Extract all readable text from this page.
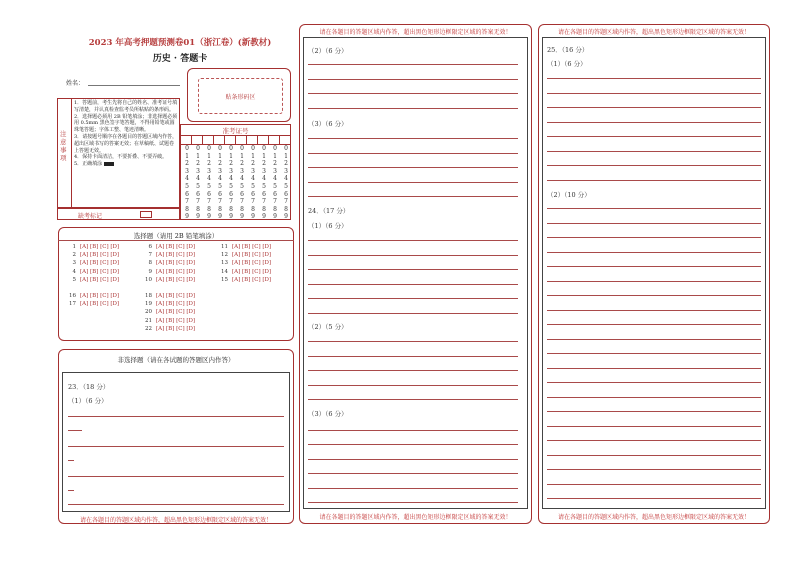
2023 年高考押题预测卷01（浙江卷）(新教材)
历史 · 答题卡
姓名：
贴条形码区
注意事项
1．答题前，考生先将自己的姓名、准考证号填写清楚，并认真检查监考员所粘贴的条形码。
2．选择题必须用 2B 铅笔填涂；非选择题必须用 0.5mm 黑色签字笔答题，不得用铅笔或圆珠笔答题；字体工整、笔迹清晰。
3．请按题号顺序在各题目的答题区域内作答，超出区域书写的答案无效；在草稿纸、试题卷上答题无效。
4．保持卡面清洁，不要折叠、不要弄破。
5．正确填涂
准考证号
0
1
2
3
4
5
6
7
8
9
0
1
2
3
4
5
6
7
8
9
0
1
2
3
4
5
6
7
8
9
0
1
2
3
4
5
6
7
8
9
0
1
2
3
4
5
6
7
8
9
0
1
2
3
4
5
6
7
8
9
0
1
2
3
4
5
6
7
8
9
0
1
2
3
4
5
6
7
8
9
0
1
2
3
4
5
6
7
8
9
0
1
2
3
4
5
6
7
8
9
缺考标记
选择题（请用 2B 铅笔填涂）
1 [A] [B] [C] [D]
2 [A] [B] [C] [D]
3 [A] [B] [C] [D]
4 [A] [B] [C] [D]
5 [A] [B] [C] [D]
6 [A] [B] [C] [D]
7 [A] [B] [C] [D]
8 [A] [B] [C] [D]
9 [A] [B] [C] [D]
10 [A] [B] [C] [D]
11 [A] [B] [C] [D]
12 [A] [B] [C] [D]
13 [A] [B] [C] [D]
14 [A] [B] [C] [D]
15 [A] [B] [C] [D]
16 [A] [B] [C] [D]
17 [A] [B] [C] [D]
18 [A] [B] [C] [D]
19 [A] [B] [C] [D]
20 [A] [B] [C] [D]
21 [A] [B] [C] [D]
22 [A] [B] [C] [D]
非选择题（请在各试题的答题区内作答）
23．（18 分）
（1）（6 分）
请在各题目的答题区域内作答，超出黑色矩形边框限定区域的答案无效！
请在各题目的答题区域内作答，超出黑色矩形边框限定区域的答案无效！
（2）（6 分）
（3）（6 分）
24．（17 分）
（1）（6 分）
（2）（5 分）
（3）（6 分）
请在各题目的答题区域内作答，超出黑色矩形边框限定区域的答案无效！
请在各题目的答题区域内作答，超出黑色矩形边框限定区域的答案无效！
25．（16 分）
（1）（6 分）
（2）（10 分）
请在各题目的答题区域内作答，超出黑色矩形边框限定区域的答案无效！
